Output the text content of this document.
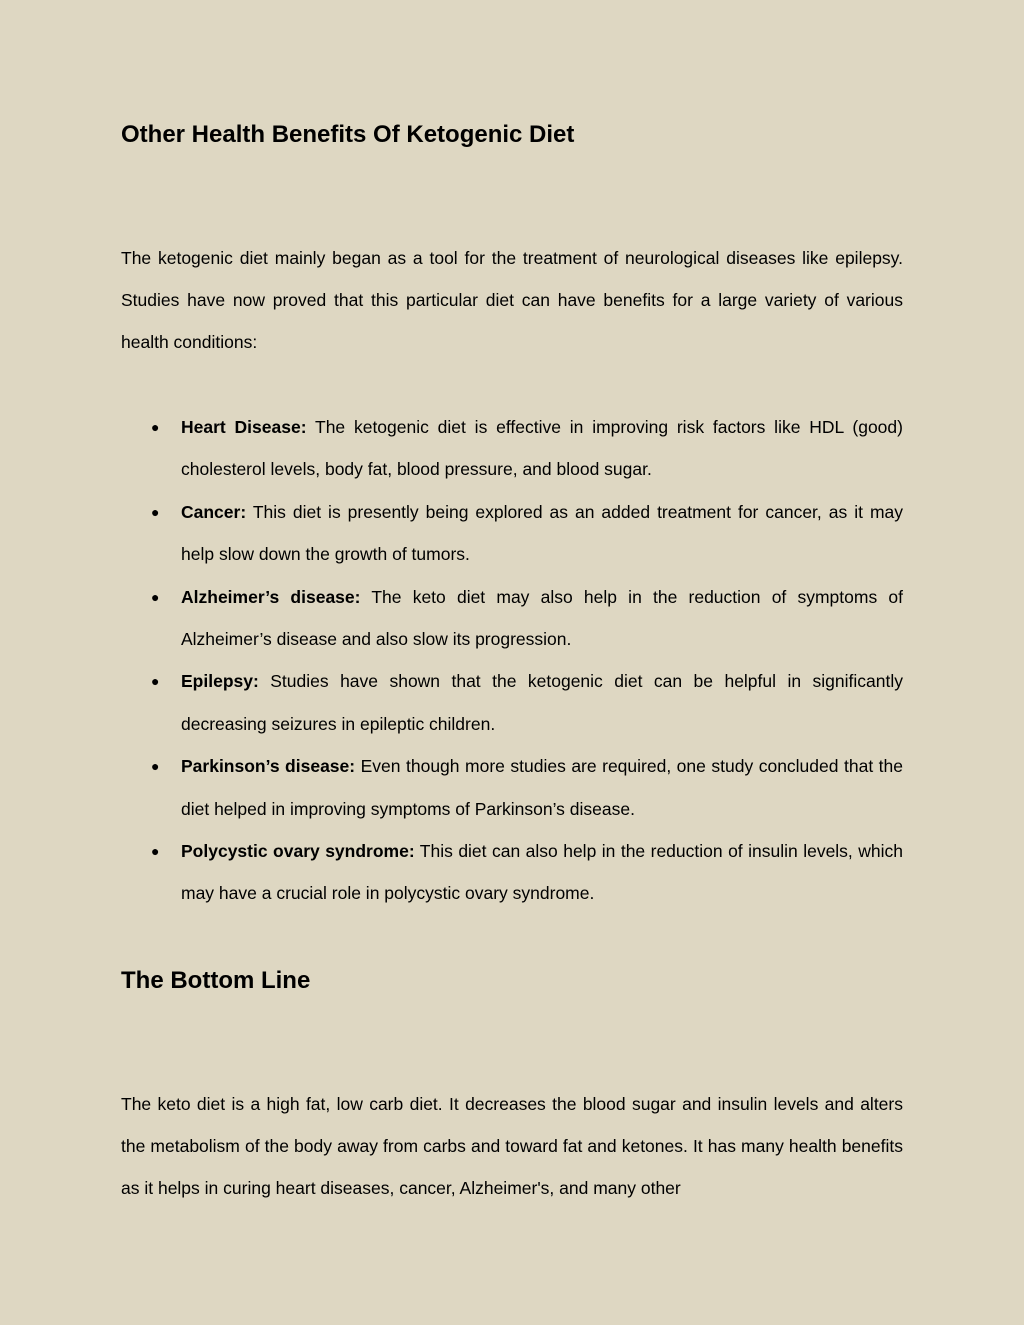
Other Health Benefits Of Ketogenic Diet

The ketogenic diet mainly began as a tool for the treatment of neurological diseases like epilepsy. Studies have now proved that this particular diet can have benefits for a large variety of various health conditions:

● Heart Disease: The ketogenic diet is effective in improving risk factors like HDL (good) cholesterol levels, body fat, blood pressure, and blood sugar.
● Cancer: This diet is presently being explored as an added treatment for cancer, as it may help slow down the growth of tumors.
● Alzheimer’s disease: The keto diet may also help in the reduction of symptoms of Alzheimer’s disease and also slow its progression.
● Epilepsy: Studies have shown that the ketogenic diet can be helpful in significantly decreasing seizures in epileptic children.
● Parkinson’s disease: Even though more studies are required, one study concluded that the diet helped in improving symptoms of Parkinson’s disease.
● Polycystic ovary syndrome: This diet can also help in the reduction of insulin levels, which may have a crucial role in polycystic ovary syndrome.
The Bottom Line

The keto diet is a high fat, low carb diet. It decreases the blood sugar and insulin levels and alters the metabolism of the body away from carbs and toward fat and ketones. It has many health benefits as it helps in curing heart diseases, cancer, Alzheimer's, and many other
